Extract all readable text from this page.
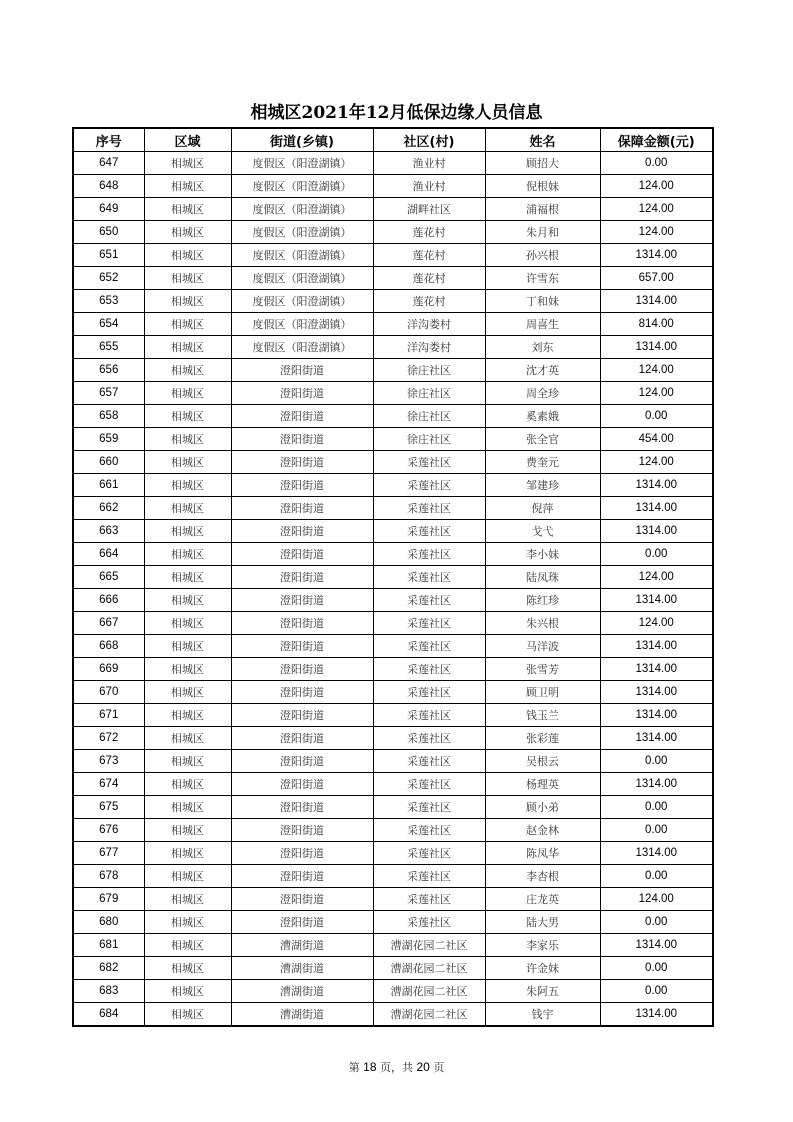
相城区2021年12月低保边缘人员信息
序号	区域	街道(乡镇)	社区(村)	姓名	保障金额(元)
647	相城区	度假区（阳澄湖镇）	渔业村	顾招大	0.00
648	相城区	度假区（阳澄湖镇）	渔业村	倪根妹	124.00
649	相城区	度假区（阳澄湖镇）	湖畔社区	浦福根	124.00
650	相城区	度假区（阳澄湖镇）	莲花村	朱月和	124.00
651	相城区	度假区（阳澄湖镇）	莲花村	孙兴根	1314.00
652	相城区	度假区（阳澄湖镇）	莲花村	许雪东	657.00
653	相城区	度假区（阳澄湖镇）	莲花村	丁和妹	1314.00
654	相城区	度假区（阳澄湖镇）	洋沟娄村	周喜生	814.00
655	相城区	度假区（阳澄湖镇）	洋沟娄村	刘东	1314.00
656	相城区	澄阳街道	徐庄社区	沈才英	124.00
657	相城区	澄阳街道	徐庄社区	周全珍	124.00
658	相城区	澄阳街道	徐庄社区	奚素娥	0.00
659	相城区	澄阳街道	徐庄社区	张全官	454.00
660	相城区	澄阳街道	采莲社区	费奎元	124.00
661	相城区	澄阳街道	采莲社区	邹建珍	1314.00
662	相城区	澄阳街道	采莲社区	倪萍	1314.00
663	相城区	澄阳街道	采莲社区	戈弋	1314.00
664	相城区	澄阳街道	采莲社区	李小妹	0.00
665	相城区	澄阳街道	采莲社区	陆凤珠	124.00
666	相城区	澄阳街道	采莲社区	陈红珍	1314.00
667	相城区	澄阳街道	采莲社区	朱兴根	124.00
668	相城区	澄阳街道	采莲社区	马洋波	1314.00
669	相城区	澄阳街道	采莲社区	张雪芳	1314.00
670	相城区	澄阳街道	采莲社区	顾卫明	1314.00
671	相城区	澄阳街道	采莲社区	钱玉兰	1314.00
672	相城区	澄阳街道	采莲社区	张彩莲	1314.00
673	相城区	澄阳街道	采莲社区	吴根云	0.00
674	相城区	澄阳街道	采莲社区	杨理英	1314.00
675	相城区	澄阳街道	采莲社区	顾小弟	0.00
676	相城区	澄阳街道	采莲社区	赵金林	0.00
677	相城区	澄阳街道	采莲社区	陈凤华	1314.00
678	相城区	澄阳街道	采莲社区	李杏根	0.00
679	相城区	澄阳街道	采莲社区	庄龙英	124.00
680	相城区	澄阳街道	采莲社区	陆大男	0.00
681	相城区	漕湖街道	漕湖花园二社区	李家乐	1314.00
682	相城区	漕湖街道	漕湖花园二社区	许金妹	0.00
683	相城区	漕湖街道	漕湖花园二社区	朱阿五	0.00
684	相城区	漕湖街道	漕湖花园二社区	钱宇	1314.00
第 18 页，共 20 页
